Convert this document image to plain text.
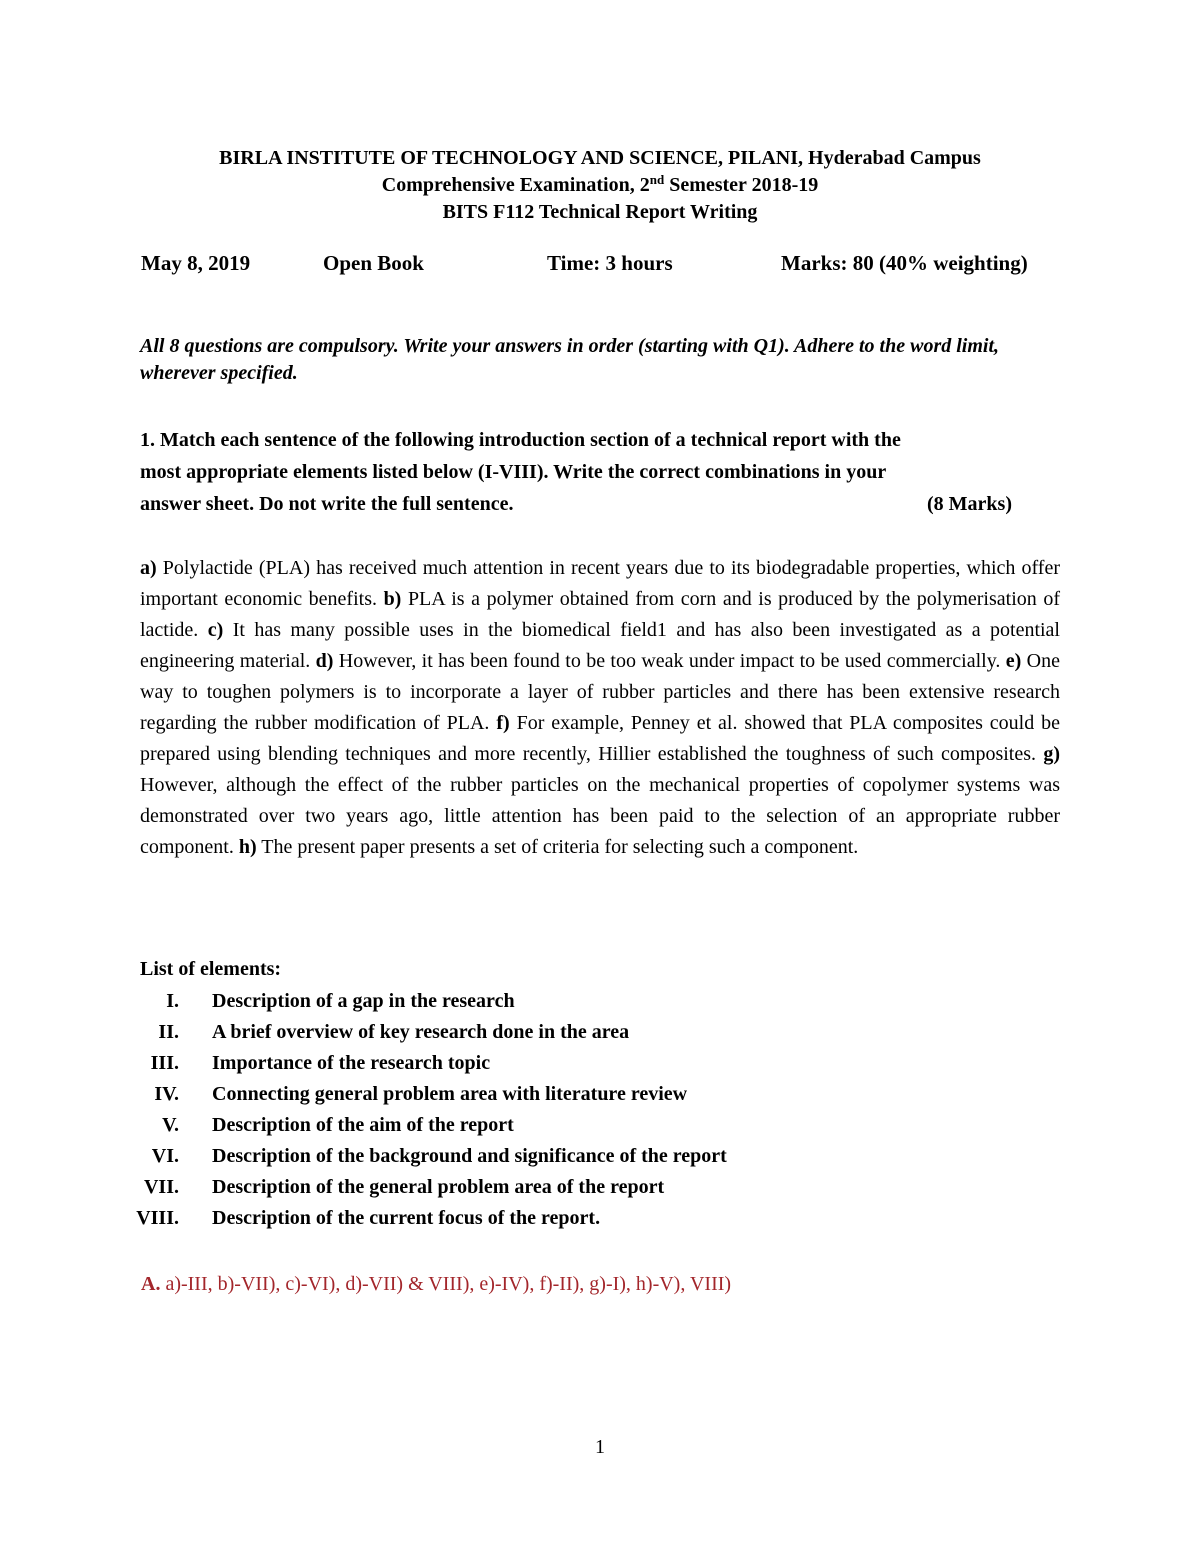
BIRLA INSTITUTE OF TECHNOLOGY AND SCIENCE, PILANI, Hyderabad Campus
Comprehensive Examination, 2nd Semester 2018-19
BITS F112 Technical Report Writing
May 8, 2019	Open Book	Time: 3 hours	Marks: 80 (40% weighting)
All 8 questions are compulsory. Write your answers in order (starting with Q1). Adhere to the word limit, wherever specified.
1. Match each sentence of the following introduction section of a technical report with the
most appropriate elements listed below (I-VIII). Write the correct combinations in your
answer sheet. Do not write the full sentence.	(8 Marks)
a) Polylactide (PLA) has received much attention in recent years due to its biodegradable properties, which offer important economic benefits. b) PLA is a polymer obtained from corn and is produced by the polymerisation of lactide. c) It has many possible uses in the biomedical field1 and has also been investigated as a potential engineering material. d) However, it has been found to be too weak under impact to be used commercially. e) One way to toughen polymers is to incorporate a layer of rubber particles and there has been extensive research regarding the rubber modification of PLA. f) For example, Penney et al. showed that PLA composites could be prepared using blending techniques and more recently, Hillier established the toughness of such composites. g) However, although the effect of the rubber particles on the mechanical properties of copolymer systems was demonstrated over two years ago, little attention has been paid to the selection of an appropriate rubber component. h) The present paper presents a set of criteria for selecting such a component.
List of elements:
I. Description of a gap in the research
II. A brief overview of key research done in the area
III. Importance of the research topic
IV. Connecting general problem area with literature review
V. Description of the aim of the report
VI. Description of the background and significance of the report
VII. Description of the general problem area of the report
VIII. Description of the current focus of the report.
A. a)-III, b)-VII), c)-VI), d)-VII) & VIII), e)-IV), f)-II), g)-I), h)-V), VIII)
1
